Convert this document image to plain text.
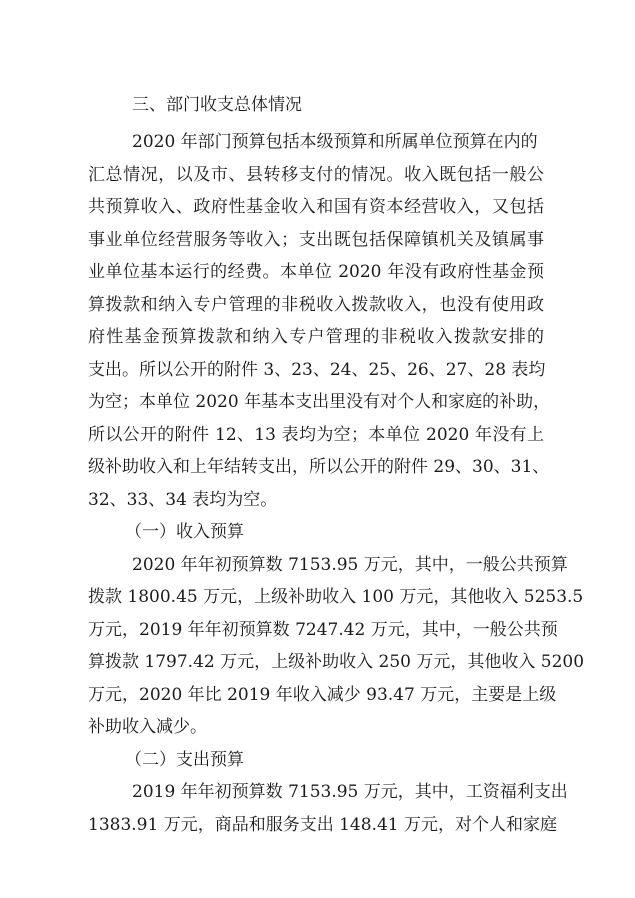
三、部门收支总体情况
2020 年部门预算包括本级预算和所属单位预算在内的
汇总情况，以及市、县转移支付的情况。收入既包括一般公
共预算收入、政府性基金收入和国有资本经营收入，又包括
事业单位经营服务等收入；支出既包括保障镇机关及镇属事
业单位基本运行的经费。本单位 2020 年没有政府性基金预
算拨款和纳入专户管理的非税收入拨款收入，也没有使用政
府性基金预算拨款和纳入专户管理的非税收入拨款安排的
支出。所以公开的附件 3、23、24、25、26、27、28 表均
为空；本单位 2020 年基本支出里没有对个人和家庭的补助，
所以公开的附件 12、13 表均为空；本单位 2020 年没有上
级补助收入和上年结转支出，所以公开的附件 29、30、31、
32、33、34 表均为空。
（一）收入预算
2020 年年初预算数 7153.95 万元，其中，一般公共预算
拨款 1800.45 万元，上级补助收入 100 万元，其他收入 5253.5
万元，2019 年年初预算数 7247.42 万元，其中，一般公共预
算拨款 1797.42 万元，上级补助收入 250 万元，其他收入 5200
万元，2020 年比 2019 年收入减少 93.47 万元，主要是上级
补助收入减少。
（二）支出预算
2019 年年初预算数 7153.95 万元，其中，工资福利支出
1383.91 万元，商品和服务支出 148.41 万元，对个人和家庭
